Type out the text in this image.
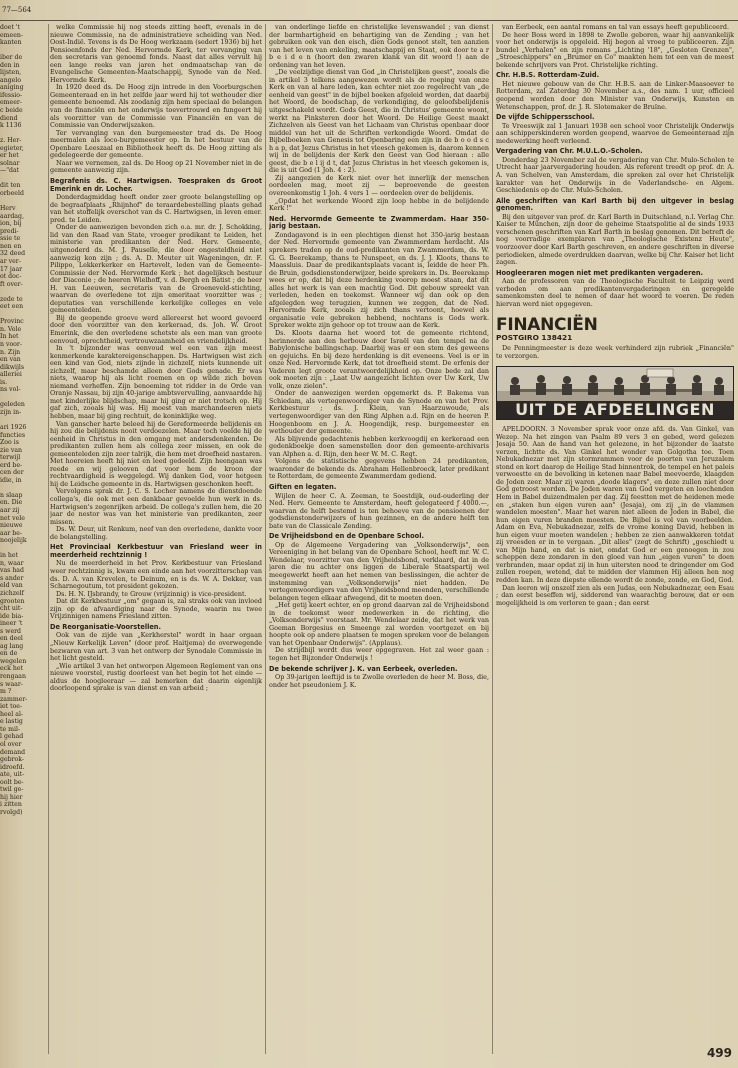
77—564
doet 't
emeen-
kanten

iber de
den in
lijsten,
angelo
aniging
ifessio-
emeer-
c beide
diend
k 1136

z. Her-
egieter,
er het
solnar
—"dat

dit ten
orbeeld

Herv
aardag,
ion, bij
predi-
ssie te
nen en
32 deed
ar ver-
17 jaar
ot doc-
ft over-

zede te
eet een

Provinc
n. Vele
In het
n voor-
n. Zijn
en van
dikwijls
alleriei
is.
ns vol-

geleden
zijn in-

ari 1926
functies
Zoo is
zie van
terwijl
erd be-
cen der
idie, in

n slaap
en. Die
aar zij
net vele
nieuwe
aar be-
noojelijk

in het
n, waar
vas had
s ander
eld van
zichzelf
grooten
cht uit-
ide bia-
ineer 't
s werd
en deel
ag lang
en de
wegelen
eck het
rengaan
s waar-
m ?
zammer-
iet toe-
heel al-
e lastig
te mil-
l gehad
ol over
demand
gebrok-
idroefd.
ate, uit-
oolt be-
twil ge-
hij hier
i zitten
rvolgd)

welke Commissie hij nog steeds zitting heeft, evenals in de nieuwe Commissie, na de administratieve scheiding van Ned. Oost-Indië. Tevens is ds De Hoog werkzaam (sedert 1936) bij het Pensioenfonds der Ned. Hervormde Kerk, ter vervanging van den secretaris van genoemd fonds. Naast dat alles vervult hij een lange reeks van jaren het ondmaatschap van de Evangelische Gemeenten-Maatschappij, Synode van de Ned. Hervormde Kerk.

In 1920 deed ds. De Hoog zijn intrede in den Voorburgschen Gemeenteraad en in het zelfde jaar werd hij tot wethouder dier gemeente benoemd. Als zoodanig zijn hem speciaal de belangen van de financiën en het onderwijs toevertrouwd en fungeert hij als voorzitter van de Commissie van Financiën en van de Commissie van Onderwijszaken.

Ter vervanging van den burgemeester trad ds. De Hoog meermalen als loco-burgemeester op. In het bestuur van de Openbare Leeszaal en Bibliotheek heeft ds. De Hoog zitting als gedelegeerde der gemeente.

Naar we vernemen, zal ds. De Hoog op 21 November niet in de gemeente aanwezig zijn.

Begrafenis ds. C. Hartwigsen. Toespraken ds Groot Emerink en dr. Locher.

Donderdagmiddag heeft onder zeer groote belangstelling op de begraafplaats „Rhijnhof" de teraardebestelling plaats gehad van het stoffelijk overschot van ds C. Hartwigsen, in leven emer. pred. te Leiden.

Onder de aanwezigen bevonden zich o.a. mr. dr. J. Schokking, lid van den Raad van State, vroeger predikant te Leiden, het ministerie van predikanten der Ned. Herv. Gemeente, uitgenoderd ds. M. J. Pauselle, die door ongesteldheid niet aanwezig kon zijn ; ds. A. D. Meuter uit Wageningen, dr. F. Pilippo, Lekkerkerker en Hartevelt, leden van de Gemeente-Commissie der Ned. Hervormde Kerk ; het dagelijksch bestuur der Diaconie ; de heeren Wielhoff, v. d. Bergh en Batist ; de heer H. van Leeuwen, secretaris van de Groeneveld-stichting, waarvan de overledene tot zijn emeritaat voorzitter was ; deputaties van verschillende kerkelijke colleges en vele gemeenteleden.

Bij de geopende groeve werd allereerst het woord gevoerd door den voorzitter van den kerkeraad, ds. Joh. W. Groot Emerink, die den overledene schetste als een man van groote eenvoud, oprechtheid, vertrouwzaamheid en vriendelijkheid.

In 't bijzonder was eenvoud wel een van zijn meest kenmerkende karaktereigenschappen. Ds. Hartwigsen wist zich een kind van God, niets zijnde in zichzelf, niets kunnende uit zichzelf, maar beschamde alleen door Gods genade. Er was niets, waarop hij als licht roemen en op wilde zich boven niemand verheffen. Zijn benoeming tot ridder in de Orde van Oranje Nassau, bij zijn 40-jarige ambtsvervulling, aanvaardde hij met kinderlijke blijdschap, maar hij ging er niet trotsch op. Hij gaf zich, zooals hij was. Hij moest van marchandeeren niets hebben, maar bij ging rechtuit, de koninklijke weg.

Van ganscher harte beleed hij de Gereformeerde belijdenis en hij zou die belijdenis nooit verdoezelen. Maar toch voelde hij de eenheid in Christus in den omgang met andersdenkenden. De predikanten zullen hem als collega zeer missen, en ook de gemeenteleden zijn zeer talrijk, die hem met droefheid nastaren. Met hoereien heeft hij niet en leed gedeeld. Zijn heengaan was reede en wij gelooven dat voor hem de kroon der rechtvaardigheid is weggelegd. Wij danken God, voor hetgeen hij de Leidsche gemeente in ds. Hartwigsen geschonken heeft.

Vervolgens sprak dr. J. C. S. Locher namens de dienstdoende collega's, die ook met een dankbaar gevoelde hun werk in ds. Hartwigsen's zegenrijken arbeid. De collega's zullen hem, die 20 jaar de nestor was van het ministerie van predikanten, zeer missen.

Ds. W. Deur, uit Renkum, neef van den overledene, dankte voor de belangstelling.

Het Provinciaal Kerkbestuur van Friesland weer in meerderheid rechtzinnig !

Nu de meerderheid in het Prov. Kerkbestuur van Friesland weer rechtzinnig is, kwam een einde aan het voorzitterschap van ds. D. A. van Krevelen, te Deinum, en is ds. W. A. Dekker, van Scharnegoutum, tot president gekozen.

Ds. H. N. IJsbrandy, te Grouw (vrijzinnig) is vice-president.

Dat dit Kerkbestuur „om" gegaan is, zal straks ook van invloed zijn op de afvaardiging naar de Synode, waarin nu twee Vrijzinnigen namens Friesland zitten.

De Reorganisatie-Voorstellen.

Ook van de zijde van „Kerkherstel" wordt in haar orgaan „Nieuw Kerkelijk Leven" (door prof. Haitjema) de overwegende bezwaren van art. 3 van het ontwerp der Synodale Commissie in het licht gesteld.

„Wie artikel 3 van het ontworpen Algemeen Reglement van ons nieuwe voorstel, rustig doorleest van het begin tot het einde — aldus de hoogleeraar — zal bemerken dat daarin eigenlijk doorloopend sprake is van dienst en van arbeid ;

van onderlinge liefde en christelijke levenswandel ; van dienst der barmhartigheid en behartiging van de Zending ; van het gebruiken ook van den eisch, dien Gods genoot stelt, ten aanzien van het leven van enkeling, maatschappij en Staat, ook door te a r b e i d e n (hoort den zwaren klank van dit woord !) aan de ordening van het leven.

„De veelzijdige dienst van God „in Christelijken geest", zooals die in artikel 3 telkens aangewezen wordt als de roeping van onze Kerk en van al hare leden, kan echter niet zoo regelrecht van „de eenheid van geest" in de bijbel boeken afgeleid worden, dat daarbij het Woord, de boodschap, de verkondiging, de geloofsbelijdenis uitgeschakeld wordt. Gods Geest, die in Christus' gemeente woont, werkt na Pinksteren door het Woord. De Heilige Geest maakt Zichzelven als Geest van het Lichaam van Christus openbaar door middel van het uit de Schriften verkondigde Woord. Omdat de Bijbelboeken van Genesis tot Openbaring een zijn in de b o o d s c h a p, dat Jezus Christus in het vleesch gekomen is, daarom kennen wij in de belijdenis der Kerk den Geest van God hieraan : alle geest, die b e l ij d t, dat Jezus Christus in het vleesch gekomen is, die is uit God (1 Joh. 4 : 2).

Zij aangezien de Kerk niet over het innerlijk der menschen oordeelen mag, moet zij — beproevende de geesten overeenkomstig 1 Joh. 4 vers 1 — oordeelen over de belijdenis.

„Opdat het werkende Woord zijn loop hebbe in de belijdende Kerk !"

Ned. Hervormde Gemeente te Zwammerdam. Haar 350-jarig bestaan.

Zondagavond is in een plechtigen dienst het 350-jarig bestaan der Ned. Hervormde gemeente van Zwammerdam herdacht. Als sprekers traden op de oud-predikanten van Zwammerdam, ds. W. G. G. Beerekamp, thans te Nunspeet, en ds. J. J. Kloots, thans te Maassluis. Daar de predikantsplaats vacant is, leidde de heer Ph. de Bruin, godsdienstonderwijzer, beide sprekers in. Ds. Beerekamp wees er op, dat bij deze herdenking voorop moest staan, dat dit alles het werk is van een machtig God. Dit gebouw spreekt van verleden, heden en toekomst. Wanneer wij dan ook op den afgelegden weg terugzien, kunnen we zeggen, dat de Ned. Hervormde Kerk, zooals zij zich thans vertoont, hoewel als organisatie vele gebreken hebbend, nochtans is Gods werk. Spreker wekte zijn gehoor op tot trouw aan de Kerk.

Ds. Kloots daarna het woord tot de gemeente richtend, herinnerde aan den herbouw door Israël van den tempel na de Babylonische ballingschap. Daarbij was er een stem des geweens en gejuichs. En bij deze herdenking is dit eveneens. Veel is er in onze Ned. Hervormde Kerk, dat tot droefheid stemt. De erfenis der Vaderen legt groote verantwoordelijkheid op. Onze bede zal dan ook moeten zijn : „Laat Uw aangezicht lichten over Uw Kerk, Uw volk, onze zielen".

Onder de aanwezigen werden opgemerkt ds. P. Bakema van Schiedam, als vertegenwoordiger van de Synode en van het Prov. Kerkbestuur ; ds. J. Klein, van Haarzuwoude, als vertegenwoordiger van den Ring Alphen a.d. Rijn en de heeren P. Hoogenboom en J. A. Hoogendijk, resp. burgemeester en wethouder der gemeente.

Als blijvende gedachtenis hebben kerkvoogdij en kerkeraad een gedenkboekje doen samenstellen door den gemeente-archivaris van Alphen a. d. Rijn, den heer W. M. C. Regt.

Volgens de statistische gegevens hebben 24 predikanten, waaronder de bekende ds. Abraham Hellenbroeck, later predikant te Rotterdam, de gemeente Zwammerdam gediend.

Giften en legaten.

Wijlen de heer C. A. Zeeman, te Soestdijk, oud-ouderling der Ned. Herv. Gemeente te Amsterdam, heeft gelegateerd ƒ 4000.—, waarvan de helft bestemd is ten behoeve van de pensioenen der godsdienstonderwijzers of hun gezinnen, en de andere helft ten bate van de Classicale Zending.

De Vrijheidsbond en de Openbare School.

Op de Algemeene Vergadering van „Volksonderwijs", een Vereeniging in het belang van de Openbare School, heeft mr. W. C. Wendelaar, voorzitter van den Vrijheidsbond, verklaard, dat in de jaren die nu achter ons liggen de Liberale Staatspartij wel meegewerkt heeft aan het nemen van beslissingen, die achter de instemming van „Volksonderwijs" niet hadden. De vertegenwoordigers van den Vrijheidsbond meenden, verschillende belangen tegen elkaar afwegend, dit te moeten doen.

„Het getij keert echter, en op grond daarvan zal de Vrijheidsbond in de toekomst weer medewerken in de richting, die „Volksonderwijs" voorstaat. Mr. Wendelaar zeide, dat het werk van Goeman Borgesius en Smeenge zal worden voortgezet en bij hoopte ook op andere plaatsen te mogen spreken voor de belangen van het Openbaar Onderwijs". (Applaus).

De strijdbijl wordt dus weer opgegraven. Het zal weer gaan : tegen het Bijzonder Onderwijs !

De bekende schrijver J. K. van Eerbeek, overleden.

Op 39-jarigen leeftijd is te Zwolle overleden de heer M. Boss, die, onder het pseudoniem J. K.

van Eerbeek, een aantal romans en tal van essays heeft gepubliceerd.

De heer Boss werd in 1898 te Zwolle geboren, waar hij aanvankelijk voor het onderwijs is opgeleid. Hij begon al vroeg te publiceeren. Zijn bundel „Verhalen" en zijn romans „Lichting '18", „Gesloten Grenzen", „Stroeschippers" en „Brumer en Co" maakten hem tot een van de meest bekende schrijvers van Prot. Christelijke richting.

Chr. H.B.S. Rotterdam-Zuid.

Het nieuwe gebouw van de Chr. H.B.S. aan de Linker-Maasoever te Rotterdam, zal Zaterdag 30 November a.s., des nam. 1 uur, officieel geopend worden door den Minister van Onderwijs, Kunsten en Wetenschappen, prof. dr. J. R. Slotemaker de Bruïne.

De vijfde Schippersschool.

Te Vreeswijk zal 1 Januari 1938 een school voor Christelijk Onderwijs aan schipperskinderen worden geopend, waarvoe de Gemeenteraad zijn medewerking heeft verleend.

Vergadering van Chr. M.U.L.O.-Scholen.

Donderdag 23 November zal de vergadering van Chr. Mulo-Scholen te Utrecht haar jaarvergadering houden. Als referent treedt op prof. dr. A. A. van Schelven, van Amsterdam, die spreken zal over het Christelijk karakter van het Onderwijs in de Vaderlandsche- en Algem. Geschiedenis op de Chr. Mulo-Scholen.

Alle geschriften van Karl Barth bij den uitgever in beslag genomen.

Bij den uitgever van prof. dr. Karl Barth in Duitschland, n.l. Verlag Chr. Kaiser te München, zijn door de geheime Staatspolitie al de sinds 1933 verschenen geschriften van Karl Barth in beslag genomen. Dit betreft de nog voorradige exemplaren van „Theologische Existenz Heute", voorzoover door Karl Barth geschreven, en andere geschriften in diverse periodieken, almede overdrukken daarvan, welke bij Chr. Kaiser het licht zagen.

Hoogleeraren mogen niet met predikanten vergaderen.

Aan de professoren van de Theologische Faculteit te Leipzig werd verboden om aan predikantenvergaderingen en geregelde samenkomsten deel te nemen of daar het woord te voeren. De reden hiervan werd niet opgegeven.

FINANCIËN
POSTGIRO 138421

De Penningmeester is deze week verhinderd zijn rubriek „Financiën" te verzorgen.

UIT DE AFDEELINGEN

APELDOORN. 3 November sprak voor onze afd. ds. Van Ginkel, van Wezep. Na het zingen van Psalm 89 vers 3 en gebed, werd gelezen Jesaja 50. Aan de hand van het gelezene, in het bijzonder de laatste verzen, lichtte ds. Van Ginkel het wonder van Golgotha toe. Toen Nebukadnezar met zijn stormrammen voor de poorten van Jeruzalem stond en kort daarop de Heilige Stad binnentrok, de tempel en het paleis verwoestte en de bevolking in ketenen naar Babel meevoerde, klaagden de Joden zeer. Maar zij waren „doode klagers", en deze zullen niet door God getroost worden. De Joden waren van God vergeten en loochenden Hem in Babel duizendmalen per dag. Zij feestten met de heidenen mede en „staken hun eigen vuren aan" (Jesaja), om zij „in de vlammen wandelen moesten". Maar het waren niet alleen de Joden in Babel, die hun eigen vuren branden moesten. De Bijbel is vol van voorbeelden. Adam en Eva, Nebukadnezar, zelfs de vrome koning David, hebben in hun eigen vuur moeten wandelen ; hebben ze zien aanwakkeren totdat zij vreesden er in te vergaan. „Dit alles" (zegt de Schrift) „geschiedt u van Mijn hand, en dat is niet, omdat God er een genoegen in zou scheppen deze zondaren in den gloed van hun „eigen vuren" te doen verbranden, maar opdat zij in hun uitersten nood te dringender om God zullen roepen, wetend, dat te midden der vlammen Hij alleen hen nog redden kan. In deze diepste ellende wordt de zonde, zonde, en God, God.

Dan leeren wij onszelf zien als een Judas, een Nebukadnezar, een Esau ; dan eerst beseffen wij, sidderend van waarachtig berouw, dat er een mogelijkheid is om verloren te gaan ; dan eerst

499
